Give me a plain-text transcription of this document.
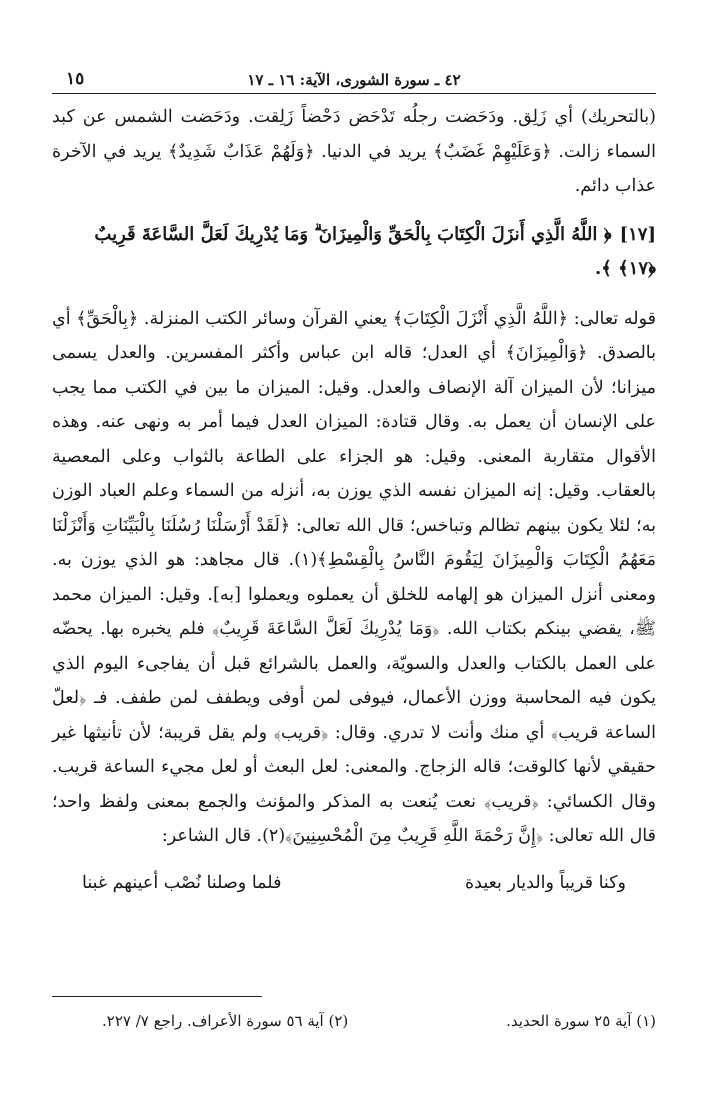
٤٢ ـ سورة الشورى، الآية: ١٦ ـ ١٧
١٥

(بالتحريك) أي زَلِق. ودَحَضت رجلُه تَدْحَض دَحْضاً زَلِقت. ودَحَضت الشمس عن كبد السماء زالت. ﴿وَعَلَيْهِمْ غَضَبٌ﴾ يريد في الدنيا. ﴿وَلَهُمْ عَذَابٌ شَدِيدٌ﴾ يريد في الآخرة عذاب دائم.

[١٧]﴿ اللَّهُ الَّذِي أَنزَلَ الْكِتَابَ بِالْحَقِّ وَالْمِيزَانَ ۗ وَمَا يُدْرِيكَ لَعَلَّ السَّاعَةَ قَرِيبٌ ﴿١٧﴾ ﴾.

قوله تعالى: ﴿اللَّهُ الَّذِي أَنْزَلَ الْكِتَابَ﴾ يعني القرآن وسائر الكتب المنزلة. ﴿بِالْحَقِّ﴾ أي بالصدق. ﴿وَالْمِيزَانَ﴾ أي العدل؛ قاله ابن عباس وأكثر المفسرين. والعدل يسمى ميزانا؛ لأن الميزان آلة الإنصاف والعدل. وقيل: الميزان ما بين في الكتب مما يجب على الإنسان أن يعمل به. وقال قتادة: الميزان العدل فيما أمر به ونهى عنه. وهذه الأقوال متقاربة المعنى. وقيل: هو الجزاء على الطاعة بالثواب وعلى المعصية بالعقاب. وقيل: إنه الميزان نفسه الذي يوزن به، أنزله من السماء وعلم العباد الوزن به؛ لئلا يكون بينهم تظالم وتباخس؛ قال الله تعالى: ﴿لَقَدْ أَرْسَلْنَا رُسُلَنَا بِالْبَيِّنَاتِ وَأَنْزَلْنَا مَعَهُمُ الْكِتَابَ وَالْمِيزَانَ لِيَقُومَ النَّاسُ بِالْقِسْطِ﴾(١). قال مجاهد: هو الذي يوزن به. ومعنى أنزل الميزان هو إلهامه للخلق أن يعملوه ويعملوا [به]. وقيل: الميزان محمد ﷺ، يقضي بينكم بكتاب الله. ﴿وَمَا يُدْرِيكَ لَعَلَّ السَّاعَةَ قَرِيبٌ﴾ فلم يخبره بها. يحضّه على العمل بالكتاب والعدل والسويّة، والعمل بالشرائع قبل أن يفاجىء اليوم الذي يكون فيه المحاسبة ووزن الأعمال، فيوفى لمن أوفى ويطفف لمن طفف. فـ ﴿لعلّ الساعة قريب﴾ أي منك وأنت لا تدري. وقال: ﴿قريب﴾ ولم يقل قريبة؛ لأن تأنيثها غير حقيقي لأنها كالوقت؛ قاله الزجاج. والمعنى: لعل البعث أو لعل مجيء الساعة قريب. وقال الكسائي: ﴿قريب﴾ نعت يُنعت به المذكر والمؤنث والجمع بمعنى ولفظ واحد؛ قال الله تعالى: ﴿إِنَّ رَحْمَةَ اللَّهِ قَرِيبٌ مِنَ الْمُحْسِنِينَ﴾(٢). قال الشاعر:

وكنا قريباً والديار بعيدة
فلما وصلنا نُصْب أعينهم غبنا
(١) آية ٢٥ سورة الحديد.
(٢) آية ٥٦ سورة الأعراف. راجع ٧/ ٢٢٧.
